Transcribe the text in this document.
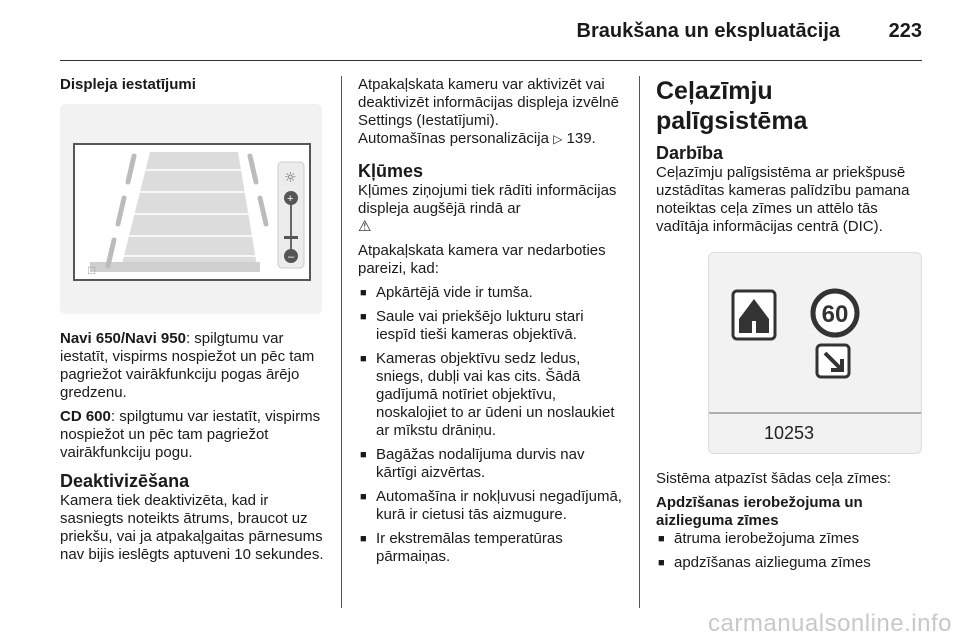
Braukšana un ekspluatācija 223
Displeja iestatījumi
□
☼
+
–

Navi 650/Navi 950: spilgtumu var iestatīt, vispirms nospiežot un pēc tam pagriežot vairākfunkciju pogas ārējo gredzenu.

CD 600: spilgtumu var iestatīt, vispirms nospiežot un pēc tam pagriežot vairākfunkciju pogu.

Deaktivizēšana

Kamera tiek deaktivizēta, kad ir sasniegts noteikts ātrums, braucot uz priekšu, vai ja atpakaļgaitas pārnesums nav bijis ieslēgts aptuveni 10 sekundes.

Atpakaļskata kameru var aktivizēt vai deaktivizēt informācijas displeja izvēlnē Settings (Iestatījumi).
Automašīnas personalizācija ▷ 139.

Kļūmes

Kļūmes ziņojumi tiek rādīti informācijas displeja augšējā rindā ar
⚠

Atpakaļskata kamera var nedarboties pareizi, kad:

■ Apkārtējā vide ir tumša.
■ Saule vai priekšējo lukturu stari iespīd tieši kameras objektīvā.
■ Kameras objektīvu sedz ledus, sniegs, dubļi vai kas cits. Šādā gadījumā notīriet objektīvu, noskalojiet to ar ūdeni un noslaukiet ar mīkstu drāniņu.
■ Bagāžas nodalījuma durvis nav kārtīgi aizvērtas.
■ Automašīna ir nokļuvusi negadījumā, kurā ir cietusi tās aizmugure.
■ Ir ekstremālas temperatūras pārmaiņas.
Ceļazīmju palīgsistēma
Darbība

Ceļazīmju palīgsistēma ar priekšpusē uzstādītas kameras palīdzību pamana noteiktas ceļa zīmes un attēlo tās vadītāja informācijas centrā (DIC).

60
10253

Sistēma atpazīst šādas ceļa zīmes:

Apdzīšanas ierobežojuma un aizlieguma zīmes
■ ātruma ierobežojuma zīmes
■ apdzīšanas aizlieguma zīmes
carmanualsonline.info
